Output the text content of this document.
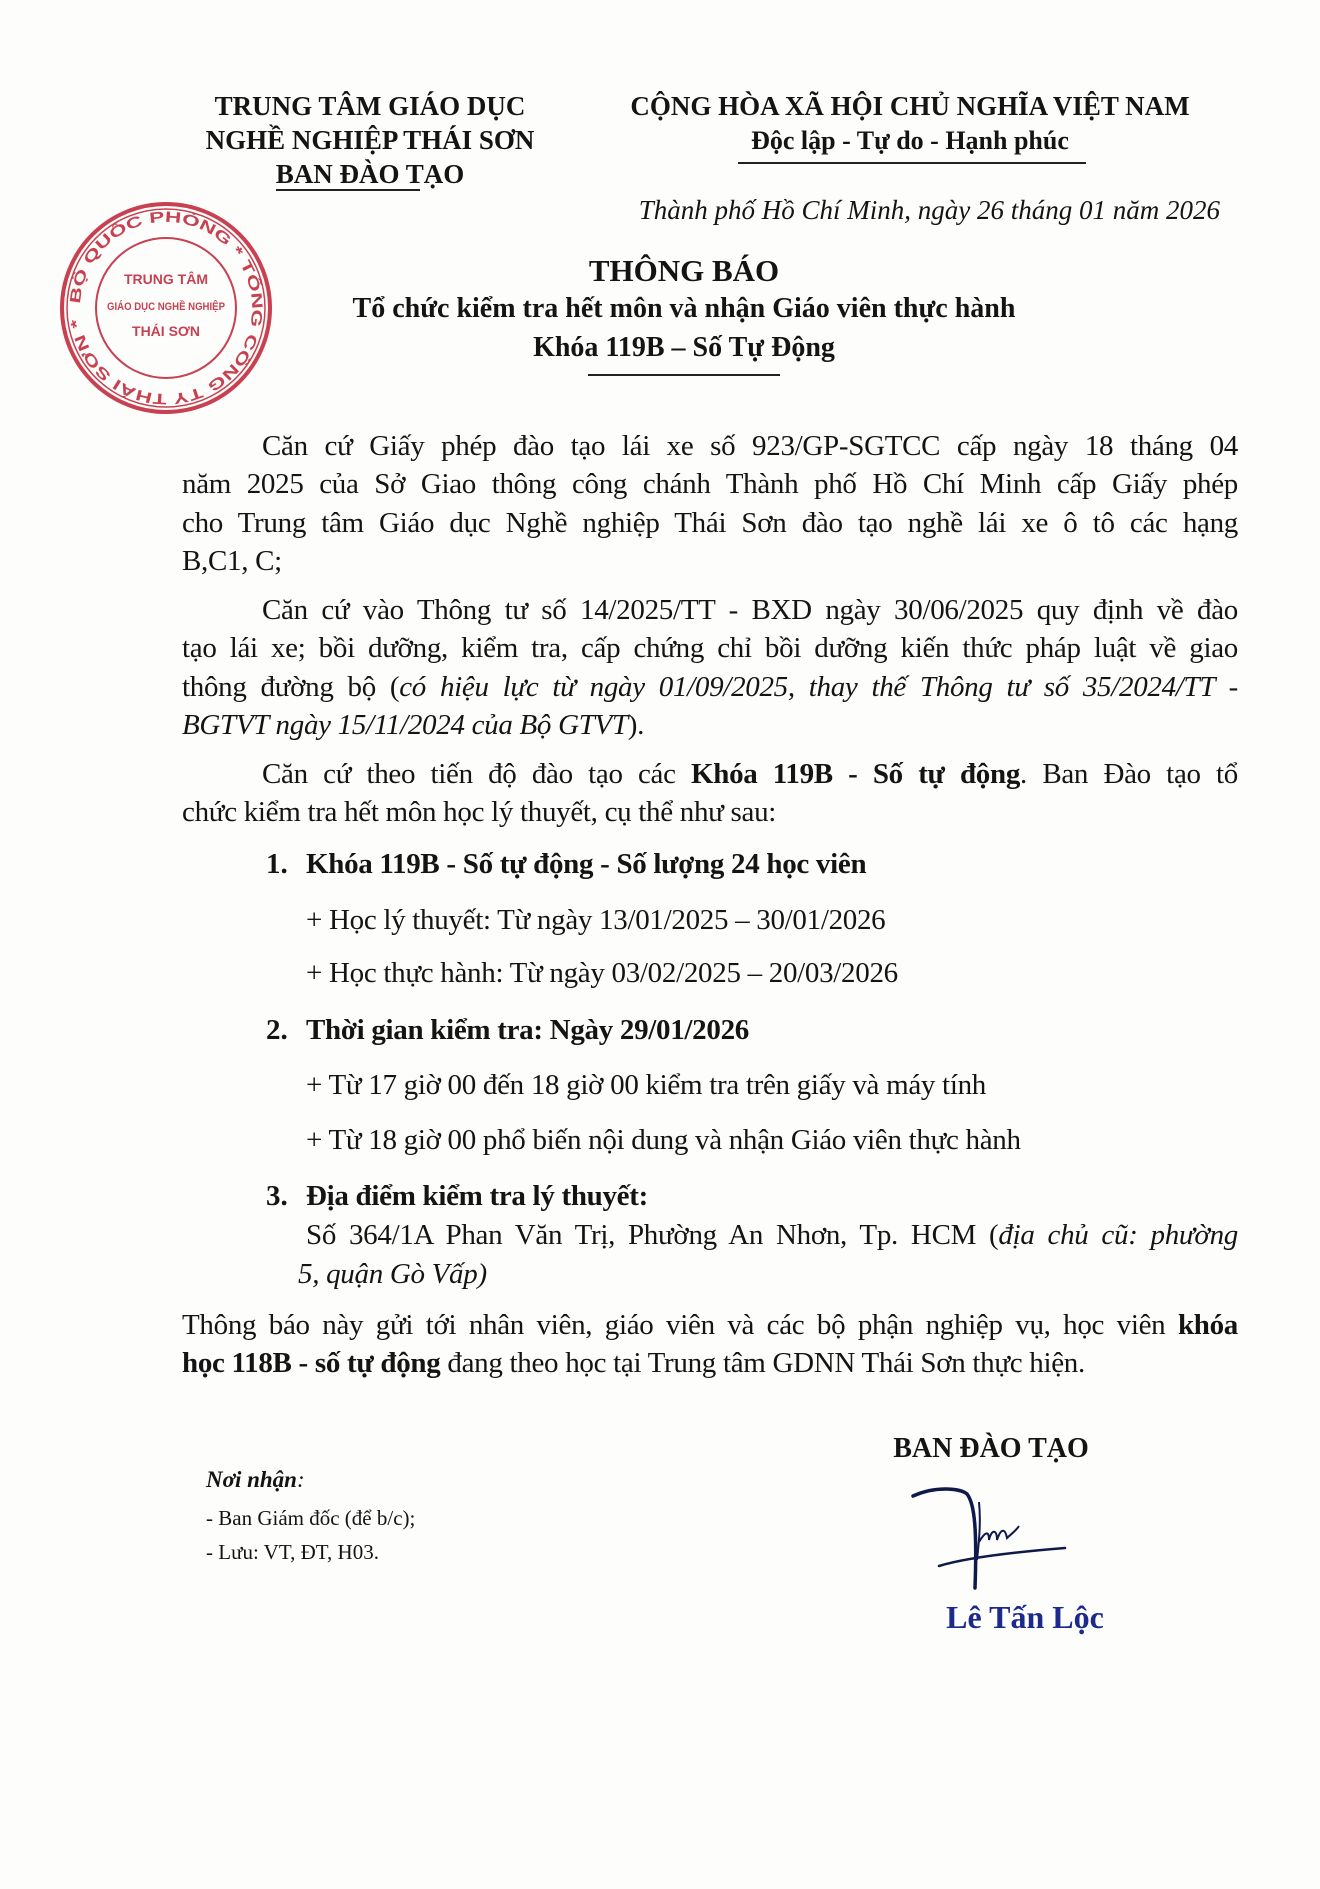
TRUNG TÂM GIÁO DỤC
NGHỀ NGHIỆP THÁI SƠN
BAN ĐÀO TẠO
CỘNG HÒA XÃ HỘI CHỦ NGHĨA VIỆT NAM
Độc lập - Tự do - Hạnh phúc
Thành phố Hồ Chí Minh, ngày 26 tháng 01 năm 2026
BỘ QUỐC PHÒNG * TỔNG CÔNG TY THÁI SƠN *
TRUNG TÂM
GIÁO DỤC NGHỀ NGHIỆP
THÁI SƠN
THÔNG BÁO
Tổ chức kiểm tra hết môn và nhận Giáo viên thực hành
Khóa 119B – Số Tự Động
Căn cứ Giấy phép đào tạo lái xe số 923/GP-SGTCC cấp ngày 18 tháng 04
năm 2025 của Sở Giao thông công chánh Thành phố Hồ Chí Minh cấp Giấy phép
cho Trung tâm Giáo dục Nghề nghiệp Thái Sơn đào tạo nghề lái xe ô tô các hạng
B,C1, C;
Căn cứ vào Thông tư số 14/2025/TT - BXD ngày 30/06/2025 quy định về đào
tạo lái xe; bồi dưỡng, kiểm tra, cấp chứng chỉ bồi dưỡng kiến thức pháp luật về giao
thông đường bộ (có hiệu lực từ ngày 01/09/2025, thay thế Thông tư số 35/2024/TT -
BGTVT ngày 15/11/2024 của Bộ GTVT).
Căn cứ theo tiến độ đào tạo các Khóa 119B - Số tự động. Ban Đào tạo tổ
chức kiểm tra hết môn học lý thuyết, cụ thể như sau:
1. Khóa 119B - Số tự động - Số lượng 24 học viên
+ Học lý thuyết: Từ ngày 13/01/2025 – 30/01/2026
+ Học thực hành: Từ ngày 03/02/2025 – 20/03/2026
2. Thời gian kiểm tra: Ngày 29/01/2026
+ Từ 17 giờ 00 đến 18 giờ 00 kiểm tra trên giấy và máy tính
+ Từ 18 giờ 00 phổ biến nội dung và nhận Giáo viên thực hành
3. Địa điểm kiểm tra lý thuyết:
Số 364/1A Phan Văn Trị, Phường An Nhơn, Tp. HCM (địa chủ cũ: phường
5, quận Gò Vấp)
Thông báo này gửi tới nhân viên, giáo viên và các bộ phận nghiệp vụ, học viên khóa
học 118B - số tự động đang theo học tại Trung tâm GDNN Thái Sơn thực hiện.
Nơi nhận:
- Ban Giám đốc (để b/c);
- Lưu: VT, ĐT, H03.
BAN ĐÀO TẠO
Lê Tấn Lộc
